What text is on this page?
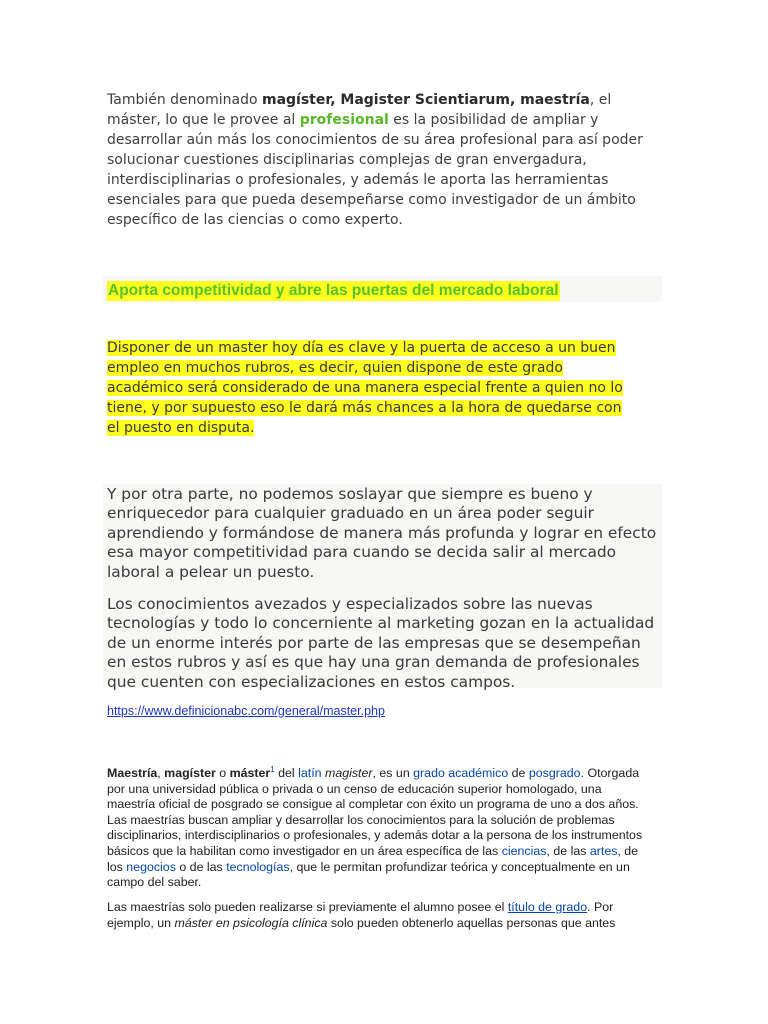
También denominado magíster, Magister Scientiarum, maestría, el máster, lo que le provee al profesional es la posibilidad de ampliar y desarrollar aún más los conocimientos de su área profesional para así poder solucionar cuestiones disciplinarias complejas de gran envergadura, interdisciplinarias o profesionales, y además le aporta las herramientas esenciales para que pueda desempeñarse como investigador de un ámbito específico de las ciencias o como experto.

Aporta competitividad y abre las puertas del mercado laboral

Disponer de un master hoy día es clave y la puerta de acceso a un buen empleo en muchos rubros, es decir, quien dispone de este grado académico será considerado de una manera especial frente a quien no lo tiene, y por supuesto eso le dará más chances a la hora de quedarse con el puesto en disputa.

Y por otra parte, no podemos soslayar que siempre es bueno y enriquecedor para cualquier graduado en un área poder seguir aprendiendo y formándose de manera más profunda y lograr en efecto esa mayor competitividad para cuando se decida salir al mercado laboral a pelear un puesto.

Los conocimientos avezados y especializados sobre las nuevas tecnologías y todo lo concerniente al marketing gozan en la actualidad de un enorme interés por parte de las empresas que se desempeñan en estos rubros y así es que hay una gran demanda de profesionales que cuenten con especializaciones en estos campos.

https://www.definicionabc.com/general/master.php

Maestría, magíster o máster$^1$ del latín magister, es un grado académico de posgrado. Otorgada por una universidad pública o privada o un censo de educación superior homologado, una maestría oficial de posgrado se consigue al completar con éxito un programa de uno a dos años. Las maestrías buscan ampliar y desarrollar los conocimientos para la solución de problemas disciplinarios, interdisciplinarios o profesionales, y además dotar a la persona de los instrumentos básicos que la habilitan como investigador en un área específica de las ciencias, de las artes, de los negocios o de las tecnologías, que le permitan profundizar teórica y conceptualmente en un campo del saber.

Las maestrías solo pueden realizarse si previamente el alumno posee el título de grado. Por ejemplo, un máster en psicología clínica solo pueden obtenerlo aquellas personas que antes
